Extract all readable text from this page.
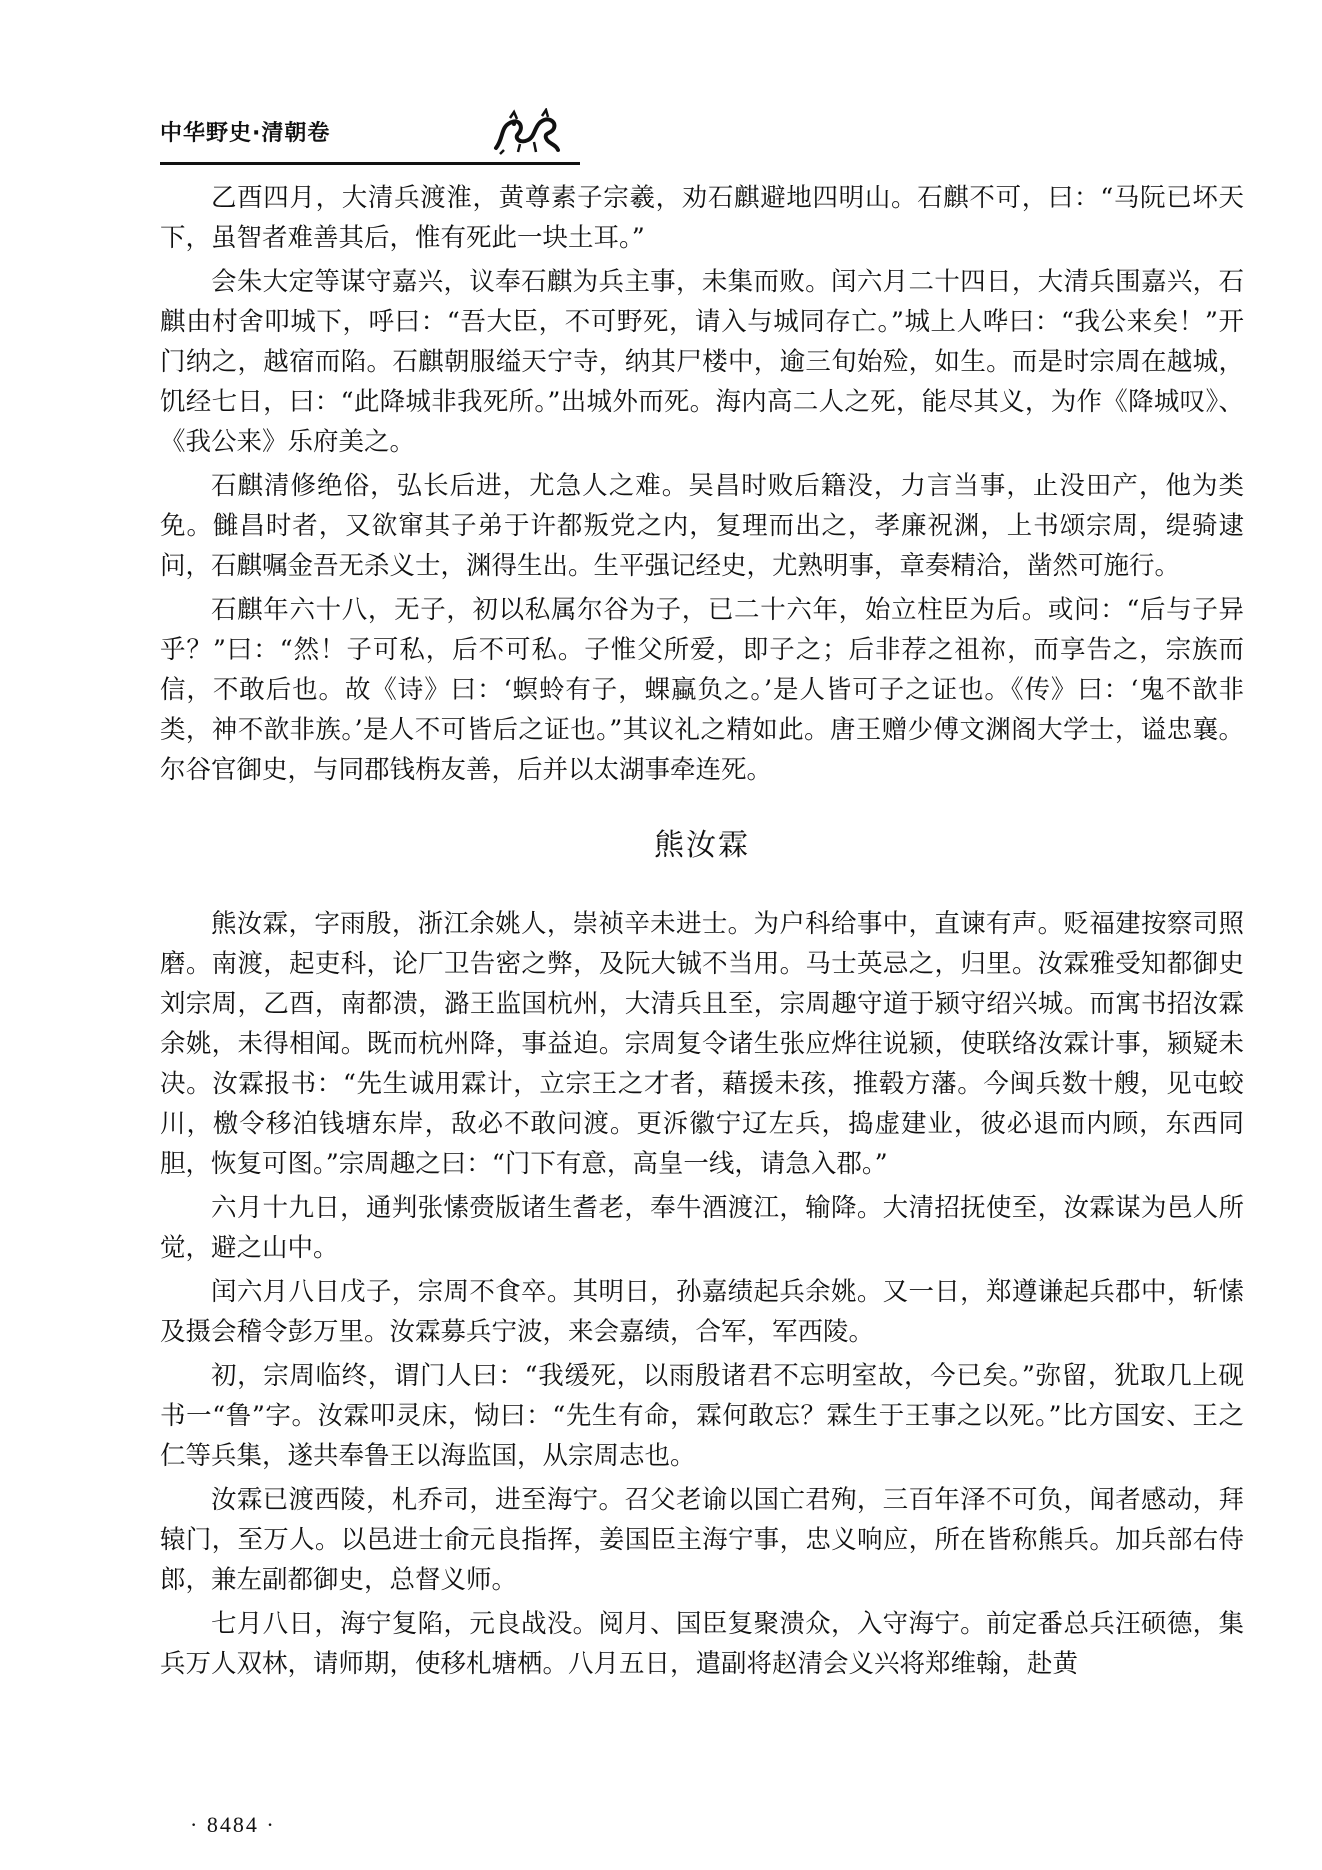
中华野史·清朝卷

乙酉四月，大清兵渡淮，黄尊素子宗羲，劝石麒避地四明山。石麒不可，曰：“马阮已坏天下，虽智者难善其后，惟有死此一块土耳。”

会朱大定等谋守嘉兴，议奉石麒为兵主事，未集而败。闰六月二十四日，大清兵围嘉兴，石麒由村舍叩城下，呼曰：“吾大臣，不可野死，请入与城同存亡。”城上人哗曰：“我公来矣！”开门纳之，越宿而陷。石麒朝服缢天宁寺，纳其尸楼中，逾三旬始殓，如生。而是时宗周在越城，饥经七日，曰：“此降城非我死所。”出城外而死。海内高二人之死，能尽其义，为作《降城叹》、《我公来》乐府美之。

石麒清修绝俗，弘长后进，尤急人之难。吴昌时败后籍没，力言当事，止没田产，他为类免。雠昌时者，又欲窜其子弟于许都叛党之内，复理而出之，孝廉祝渊，上书颂宗周，缇骑逮问，石麒嘱金吾无杀义士，渊得生出。生平强记经史，尤熟明事，章奏精洽，凿然可施行。

石麒年六十八，无子，初以私属尔谷为子，已二十六年，始立柱臣为后。或问：“后与子异乎？”曰：“然！子可私，后不可私。子惟父所爱，即子之；后非荐之祖祢，而享告之，宗族而信，不敢后也。故《诗》曰：‘螟蛉有子，蜾蠃负之。’是人皆可子之证也。《传》曰：‘鬼不歆非类，神不歆非族。’是人不可皆后之证也。”其议礼之精如此。唐王赠少傅文渊阁大学士，谥忠襄。尔谷官御史，与同郡钱栴友善，后并以太湖事牵连死。

熊汝霖

熊汝霖，字雨殷，浙江余姚人，崇祯辛未进士。为户科给事中，直谏有声。贬福建按察司照磨。南渡，起吏科，论厂卫告密之弊，及阮大铖不当用。马士英忌之，归里。汝霖雅受知都御史刘宗周，乙酉，南都溃，潞王监国杭州，大清兵且至，宗周趣守道于颍守绍兴城。而寓书招汝霖余姚，未得相闻。既而杭州降，事益迫。宗周复令诸生张应烨往说颍，使联络汝霖计事，颍疑未决。汝霖报书：“先生诚用霖计，立宗王之才者，藉援未孩，推毂方藩。今闽兵数十艘，见屯蛟川，檄令移泊钱塘东岸，敌必不敢问渡。更泝徽宁辽左兵，捣虚建业，彼必退而内顾，东西同胆，恢复可图。”宗周趣之曰：“门下有意，高皇一线，请急入郡。”

六月十九日，通判张愫赍版诸生耆老，奉牛酒渡江，输降。大清招抚使至，汝霖谋为邑人所觉，避之山中。

闰六月八日戊子，宗周不食卒。其明日，孙嘉绩起兵余姚。又一日，郑遵谦起兵郡中，斩愫及摄会稽令彭万里。汝霖募兵宁波，来会嘉绩，合军，军西陵。

初，宗周临终，谓门人曰：“我缓死，以雨殷诸君不忘明室故，今已矣。”弥留，犹取几上砚书一“鲁”字。汝霖叩灵床，恸曰：“先生有命，霖何敢忘？霖生于王事之以死。”比方国安、王之仁等兵集，遂共奉鲁王以海监国，从宗周志也。

汝霖已渡西陵，札乔司，进至海宁。召父老谕以国亡君殉，三百年泽不可负，闻者感动，拜辕门，至万人。以邑进士俞元良指挥，姜国臣主海宁事，忠义响应，所在皆称熊兵。加兵部右侍郎，兼左副都御史，总督义师。

七月八日，海宁复陷，元良战没。阅月、国臣复聚溃众，入守海宁。前定番总兵汪硕德，集兵万人双林，请师期，使移札塘栖。八月五日，遣副将赵清会义兴将郑维翰，赴黄

· 8484 ·
